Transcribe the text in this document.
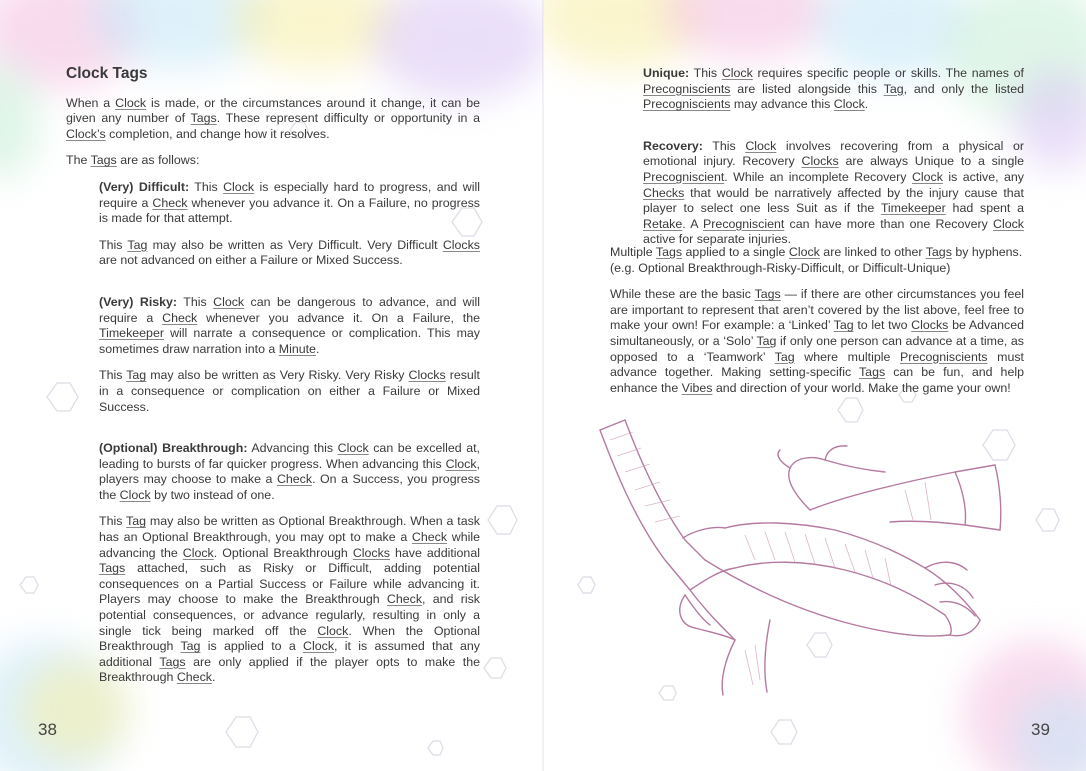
Clock Tags

When a Clock is made, or the circumstances around it change, it can be given any number of Tags. These represent difficulty or opportunity in a Clock’s completion, and change how it resolves.

The Tags are as follows:

(Very) Difficult: This Clock is especially hard to progress, and will require a Check whenever you advance it. On a Failure, no progress is made for that attempt.

This Tag may also be written as Very Difficult. Very Difficult Clocks are not advanced on either a Failure or Mixed Success.

(Very) Risky: This Clock can be dangerous to advance, and will require a Check whenever you advance it. On a Failure, the Timekeeper will narrate a consequence or complication. This may sometimes draw narration into a Minute.

This Tag may also be written as Very Risky. Very Risky Clocks result in a consequence or complication on either a Failure or Mixed Success.

(Optional) Breakthrough: Advancing this Clock can be excelled at, leading to bursts of far quicker progress. When advancing this Clock, players may choose to make a Check. On a Success, you progress the Clock by two instead of one.

This Tag may also be written as Optional Breakthrough. When a task has an Optional Breakthrough, you may opt to make a Check while advancing the Clock. Optional Breakthrough Clocks have additional Tags attached, such as Risky or Difficult, adding potential consequences on a Partial Success or Failure while advancing it. Players may choose to make the Breakthrough Check, and risk potential consequences, or advance regularly, resulting in only a single tick being marked off the Clock. When the Optional Breakthrough Tag is applied to a Clock, it is assumed that any additional Tags are only applied if the player opts to make the Breakthrough Check.

38

Unique: This Clock requires specific people or skills. The names of Precogniscients are listed alongside this Tag, and only the listed Precogniscients may advance this Clock.

Recovery: This Clock involves recovering from a physical or emotional injury. Recovery Clocks are always Unique to a single Precogniscient. While an incomplete Recovery Clock is active, any Checks that would be narratively affected by the injury cause that player to select one less Suit as if the Timekeeper had spent a Retake. A Precogniscient can have more than one Recovery Clock active for separate injuries.

Multiple Tags applied to a single Clock are linked to other Tags by hyphens. (e.g. Optional Breakthrough-Risky-Difficult, or Difficult-Unique)

While these are the basic Tags — if there are other circumstances you feel are important to represent that aren’t covered by the list above, feel free to make your own! For example: a ‘Linked’ Tag to let two Clocks be Advanced simultaneously, or a ‘Solo’ Tag if only one person can advance at a time, as opposed to a ‘Teamwork’ Tag where multiple Precogniscients must advance together. Making setting-specific Tags can be fun, and help enhance the Vibes and direction of your world. Make the game your own!

39
